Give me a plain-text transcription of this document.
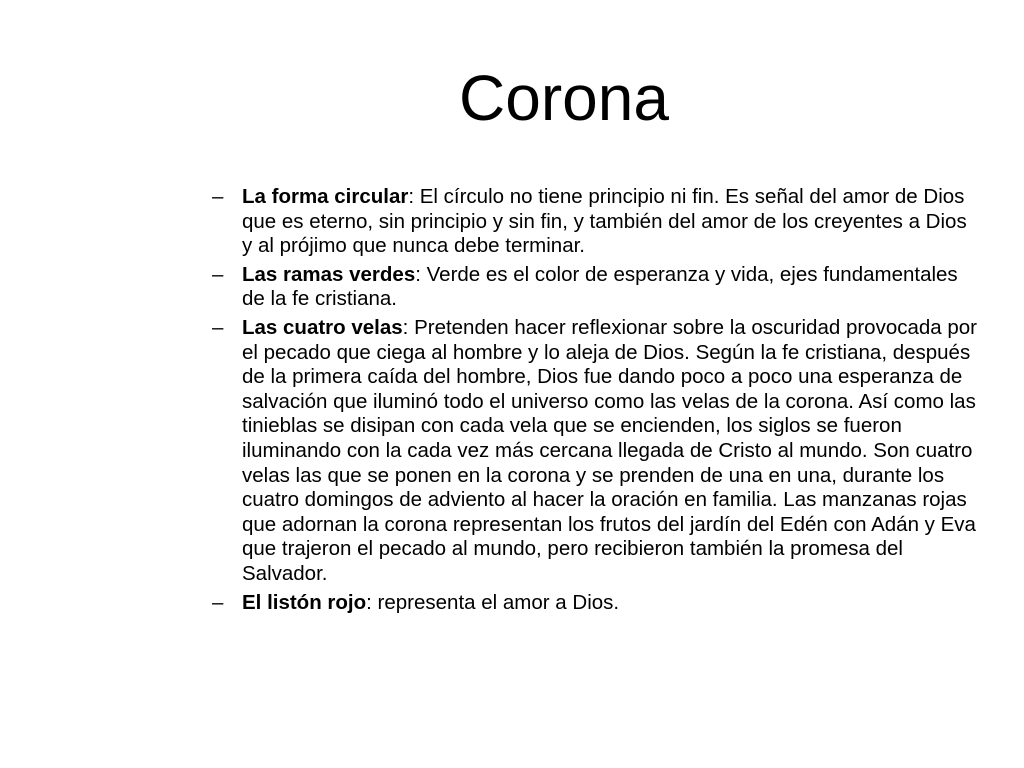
Corona
– La forma circular: El círculo no tiene principio ni fin. Es señal del amor de Dios que es eterno, sin principio y sin fin, y también del amor de los creyentes a Dios y al prójimo que nunca debe terminar.
– Las ramas verdes: Verde es el color de esperanza y vida, ejes fundamentales de la fe cristiana.
– Las cuatro velas: Pretenden hacer reflexionar sobre la oscuridad provocada por el pecado que ciega al hombre y lo aleja de Dios. Según la fe cristiana, después de la primera caída del hombre, Dios fue dando poco a poco una esperanza de salvación que iluminó todo el universo como las velas de la corona. Así como las tinieblas se disipan con cada vela que se encienden, los siglos se fueron iluminando con la cada vez más cercana llegada de Cristo al mundo. Son cuatro velas las que se ponen en la corona y se prenden de una en una, durante los cuatro domingos de adviento al hacer la oración en familia. Las manzanas rojas que adornan la corona representan los frutos del jardín del Edén con Adán y Eva que trajeron el pecado al mundo, pero recibieron también la promesa del Salvador.
– El listón rojo: representa el amor a Dios.
